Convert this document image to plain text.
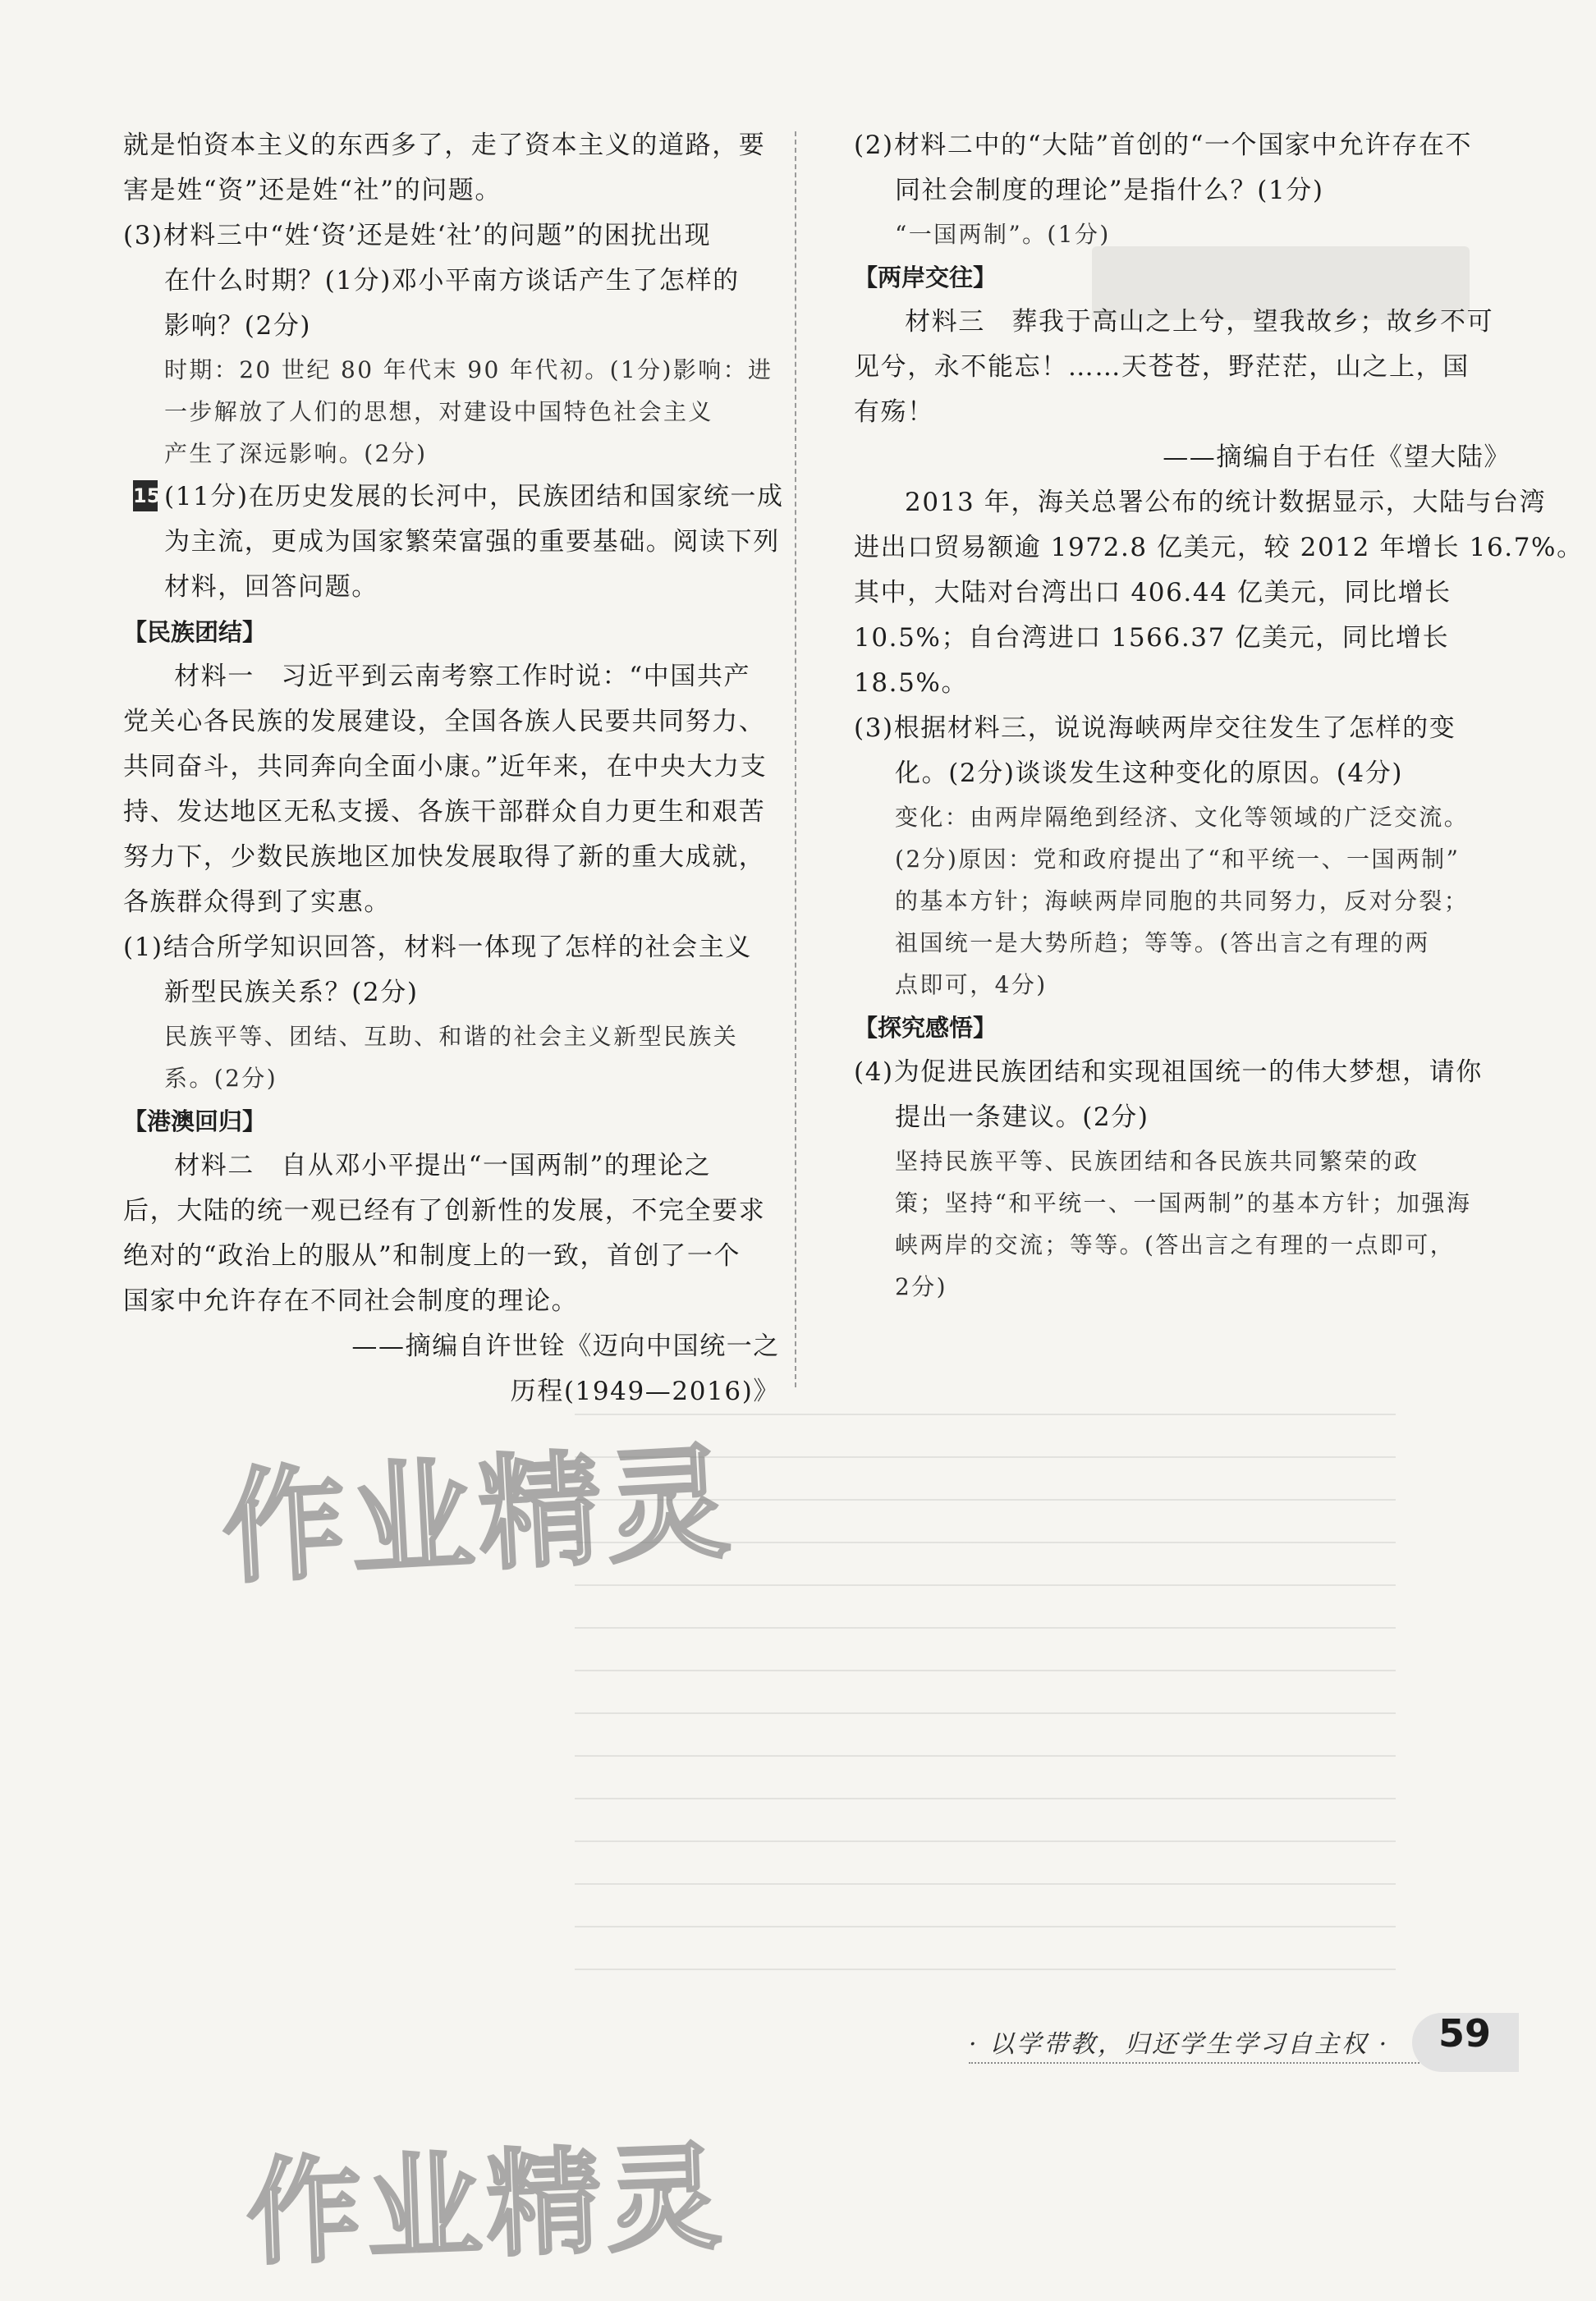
就是怕资本主义的东西多了，走了资本主义的道路，要

害是姓“资”还是姓“社”的问题。

(3)材料三中“姓‘资’还是姓‘社’的问题”的困扰出现

在什么时期？(1分)邓小平南方谈话产生了怎样的

影响？(2分)

时期：20 世纪 80 年代末 90 年代初。(1分)影响：进

一步解放了人们的思想，对建设中国特色社会主义

产生了深远影响。(2分)

15 (11分)在历史发展的长河中，民族团结和国家统一成

为主流，更成为国家繁荣富强的重要基础。阅读下列

材料，回答问题。

【民族团结】

材料一　习近平到云南考察工作时说：“中国共产

党关心各民族的发展建设，全国各族人民要共同努力、

共同奋斗，共同奔向全面小康。”近年来，在中央大力支

持、发达地区无私支援、各族干部群众自力更生和艰苦

努力下，少数民族地区加快发展取得了新的重大成就，

各族群众得到了实惠。

(1)结合所学知识回答，材料一体现了怎样的社会主义

新型民族关系？(2分)

民族平等、团结、互助、和谐的社会主义新型民族关

系。(2分)

【港澳回归】

材料二　自从邓小平提出“一国两制”的理论之

后，大陆的统一观已经有了创新性的发展，不完全要求

绝对的“政治上的服从”和制度上的一致，首创了一个

国家中允许存在不同社会制度的理论。

——摘编自许世铨《迈向中国统一之

历程(1949—2016)》

(2)材料二中的“大陆”首创的“一个国家中允许存在不

同社会制度的理论”是指什么？(1分)

“一国两制”。(1分)

【两岸交往】

材料三　葬我于高山之上兮，望我故乡；故乡不可

见兮，永不能忘！……天苍苍，野茫茫，山之上，国

有殇！

——摘编自于右任《望大陆》

2013 年，海关总署公布的统计数据显示，大陆与台湾

进出口贸易额逾 1972.8 亿美元，较 2012 年增长 16.7%。

其中，大陆对台湾出口 406.44 亿美元，同比增长

10.5%；自台湾进口 1566.37 亿美元，同比增长

18.5%。

(3)根据材料三，说说海峡两岸交往发生了怎样的变

化。(2分)谈谈发生这种变化的原因。(4分)

变化：由两岸隔绝到经济、文化等领域的广泛交流。

(2分)原因：党和政府提出了“和平统一、一国两制”

的基本方针；海峡两岸同胞的共同努力，反对分裂；

祖国统一是大势所趋；等等。(答出言之有理的两

点即可，4分)

【探究感悟】

(4)为促进民族团结和实现祖国统一的伟大梦想，请你

提出一条建议。(2分)

坚持民族平等、民族团结和各民族共同繁荣的政

策；坚持“和平统一、一国两制”的基本方针；加强海

峡两岸的交流；等等。(答出言之有理的一点即可，

2分)

作业精灵
作业精灵
· 以学带教，归还学生学习自主权 · 59
